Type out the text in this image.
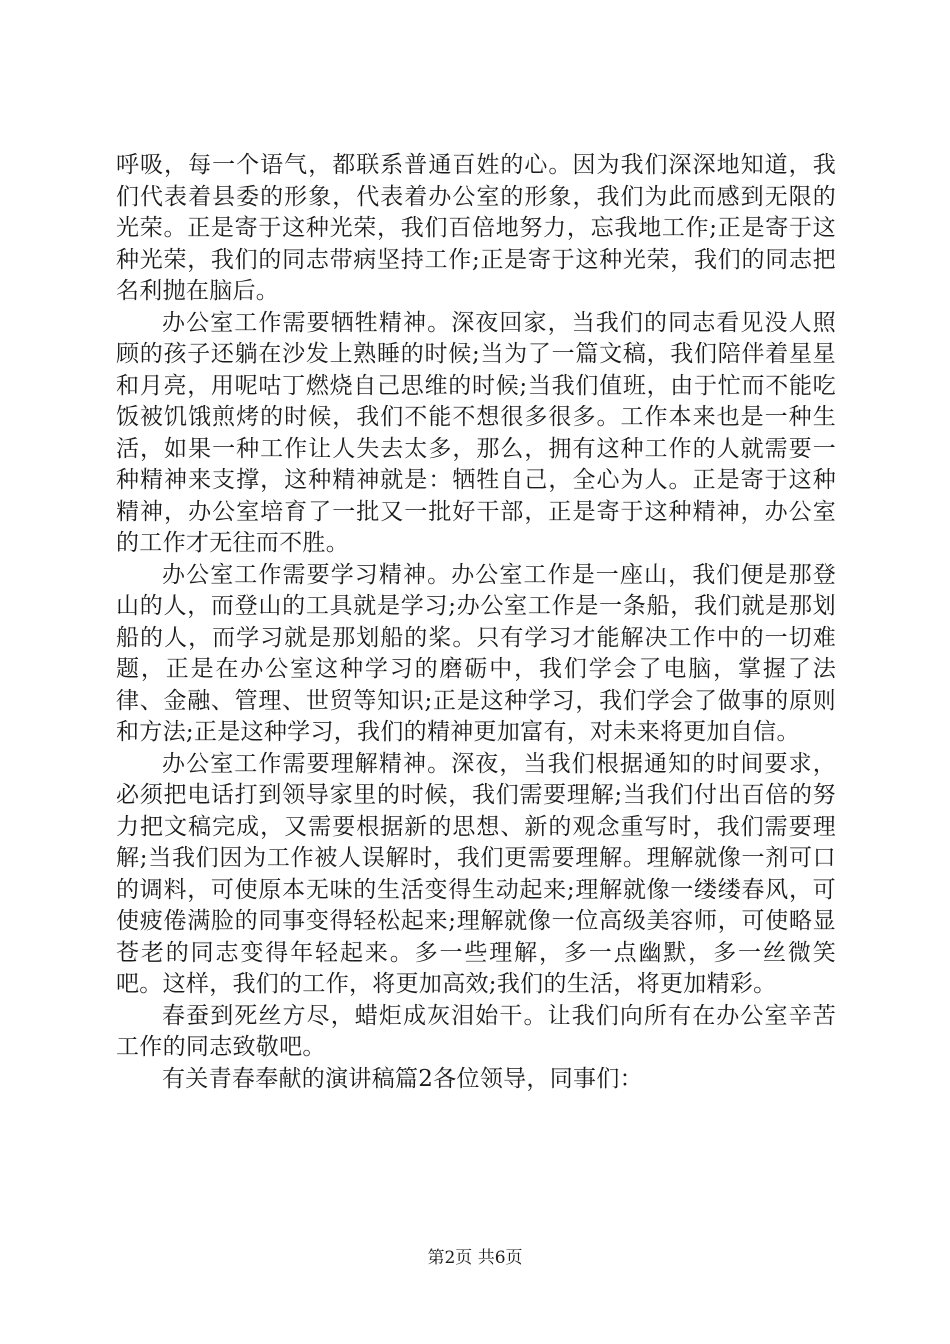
呼吸，每一个语气，都联系普通百姓的心。因为我们深深地知道，我们代表着县委的形象，代表着办公室的形象，我们为此而感到无限的光荣。正是寄于这种光荣，我们百倍地努力，忘我地工作;正是寄于这种光荣，我们的同志带病坚持工作;正是寄于这种光荣，我们的同志把名利抛在脑后。

办公室工作需要牺牲精神。深夜回家，当我们的同志看见没人照顾的孩子还躺在沙发上熟睡的时候;当为了一篇文稿，我们陪伴着星星和月亮，用呢咕丁燃烧自己思维的时候;当我们值班，由于忙而不能吃饭被饥饿煎烤的时候，我们不能不想很多很多。工作本来也是一种生活，如果一种工作让人失去太多，那么，拥有这种工作的人就需要一种精神来支撑，这种精神就是：牺牲自己，全心为人。正是寄于这种精神，办公室培育了一批又一批好干部，正是寄于这种精神，办公室的工作才无往而不胜。

办公室工作需要学习精神。办公室工作是一座山，我们便是那登山的人，而登山的工具就是学习;办公室工作是一条船，我们就是那划船的人，而学习就是那划船的桨。只有学习才能解决工作中的一切难题，正是在办公室这种学习的磨砺中，我们学会了电脑，掌握了法律、金融、管理、世贸等知识;正是这种学习，我们学会了做事的原则和方法;正是这种学习，我们的精神更加富有，对未来将更加自信。

办公室工作需要理解精神。深夜，当我们根据通知的时间要求，必须把电话打到领导家里的时候，我们需要理解;当我们付出百倍的努力把文稿完成，又需要根据新的思想、新的观念重写时，我们需要理解;当我们因为工作被人误解时，我们更需要理解。理解就像一剂可口的调料，可使原本无味的生活变得生动起来;理解就像一缕缕春风，可使疲倦满脸的同事变得轻松起来;理解就像一位高级美容师，可使略显苍老的同志变得年轻起来。多一些理解，多一点幽默，多一丝微笑吧。这样，我们的工作，将更加高效;我们的生活，将更加精彩。

春蚕到死丝方尽，蜡炬成灰泪始干。让我们向所有在办公室辛苦工作的同志致敬吧。

有关青春奉献的演讲稿篇2各位领导，同事们：

第2页 共6页
